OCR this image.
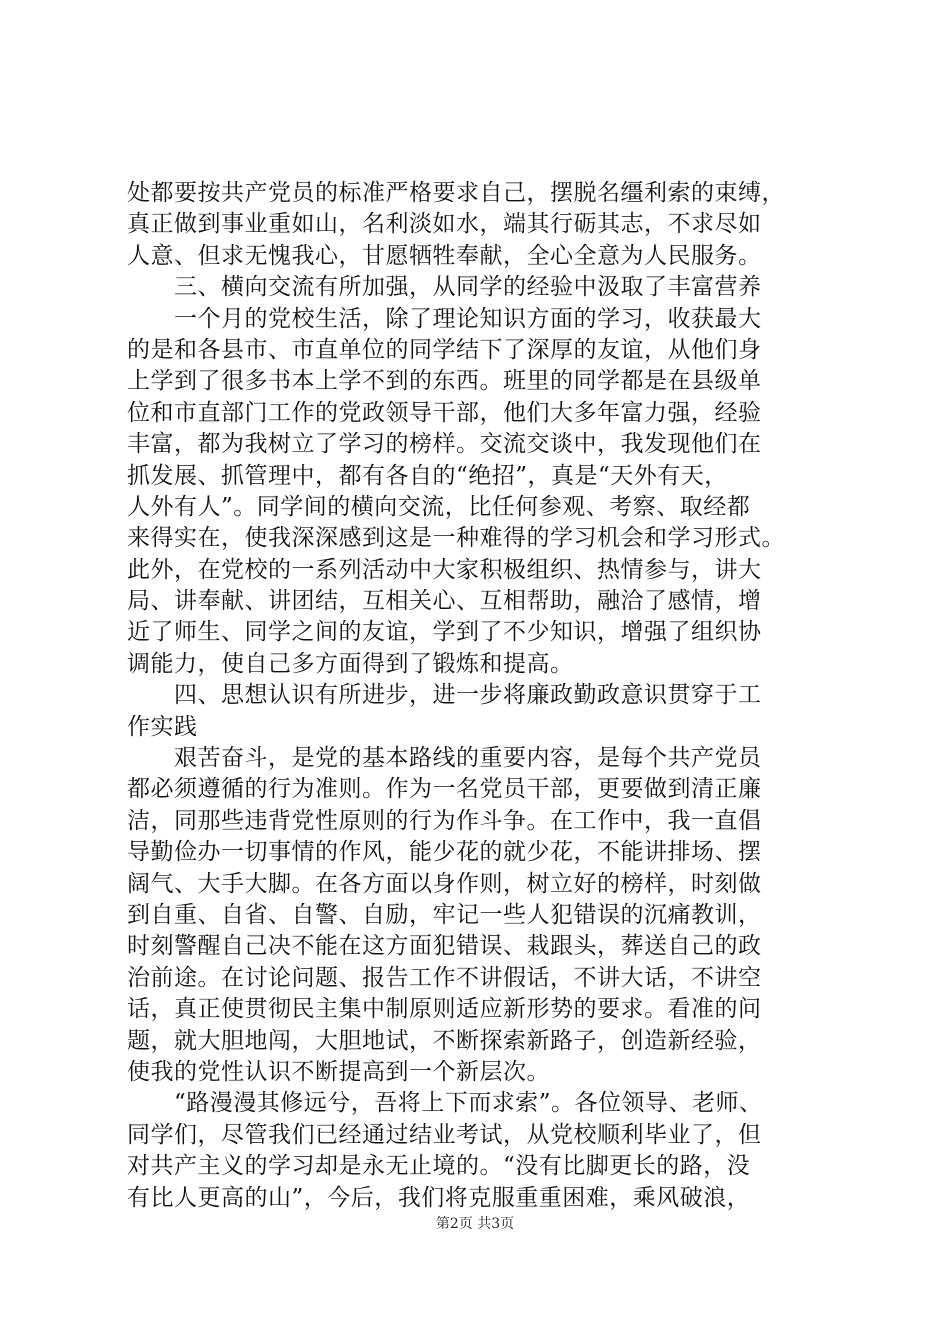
处都要按共产党员的标准严格要求自己，摆脱名缰利索的束缚，
真正做到事业重如山，名利淡如水，端其行砺其志，不求尽如
人意、但求无愧我心，甘愿牺牲奉献，全心全意为人民服务。
　　三、横向交流有所加强，从同学的经验中汲取了丰富营养
　　一个月的党校生活，除了理论知识方面的学习，收获最大
的是和各县市、市直单位的同学结下了深厚的友谊，从他们身
上学到了很多书本上学不到的东西。班里的同学都是在县级单
位和市直部门工作的党政领导干部，他们大多年富力强，经验
丰富，都为我树立了学习的榜样。交流交谈中，我发现他们在
抓发展、抓管理中，都有各自的“绝招”，真是“天外有天，
人外有人”。同学间的横向交流，比任何参观、考察、取经都
来得实在，使我深深感到这是一种难得的学习机会和学习形式。
此外，在党校的一系列活动中大家积极组织、热情参与，讲大
局、讲奉献、讲团结，互相关心、互相帮助，融洽了感情，增
近了师生、同学之间的友谊，学到了不少知识，增强了组织协
调能力，使自己多方面得到了锻炼和提高。
　　四、思想认识有所进步，进一步将廉政勤政意识贯穿于工
作实践
　　艰苦奋斗，是党的基本路线的重要内容，是每个共产党员
都必须遵循的行为准则。作为一名党员干部，更要做到清正廉
洁，同那些违背党性原则的行为作斗争。在工作中，我一直倡
导勤俭办一切事情的作风，能少花的就少花，不能讲排场、摆
阔气、大手大脚。在各方面以身作则，树立好的榜样，时刻做
到自重、自省、自警、自励，牢记一些人犯错误的沉痛教训，
时刻警醒自己决不能在这方面犯错误、栽跟头，葬送自己的政
治前途。在讨论问题、报告工作不讲假话，不讲大话，不讲空
话，真正使贯彻民主集中制原则适应新形势的要求。看准的问
题，就大胆地闯，大胆地试，不断探索新路子，创造新经验，
使我的党性认识不断提高到一个新层次。
　　“路漫漫其修远兮，吾将上下而求索”。各位领导、老师、
同学们，尽管我们已经通过结业考试，从党校顺利毕业了，但
对共产主义的学习却是永无止境的。“没有比脚更长的路，没
有比人更高的山”，今后，我们将克服重重困难，乘风破浪，
第2页 共3页
